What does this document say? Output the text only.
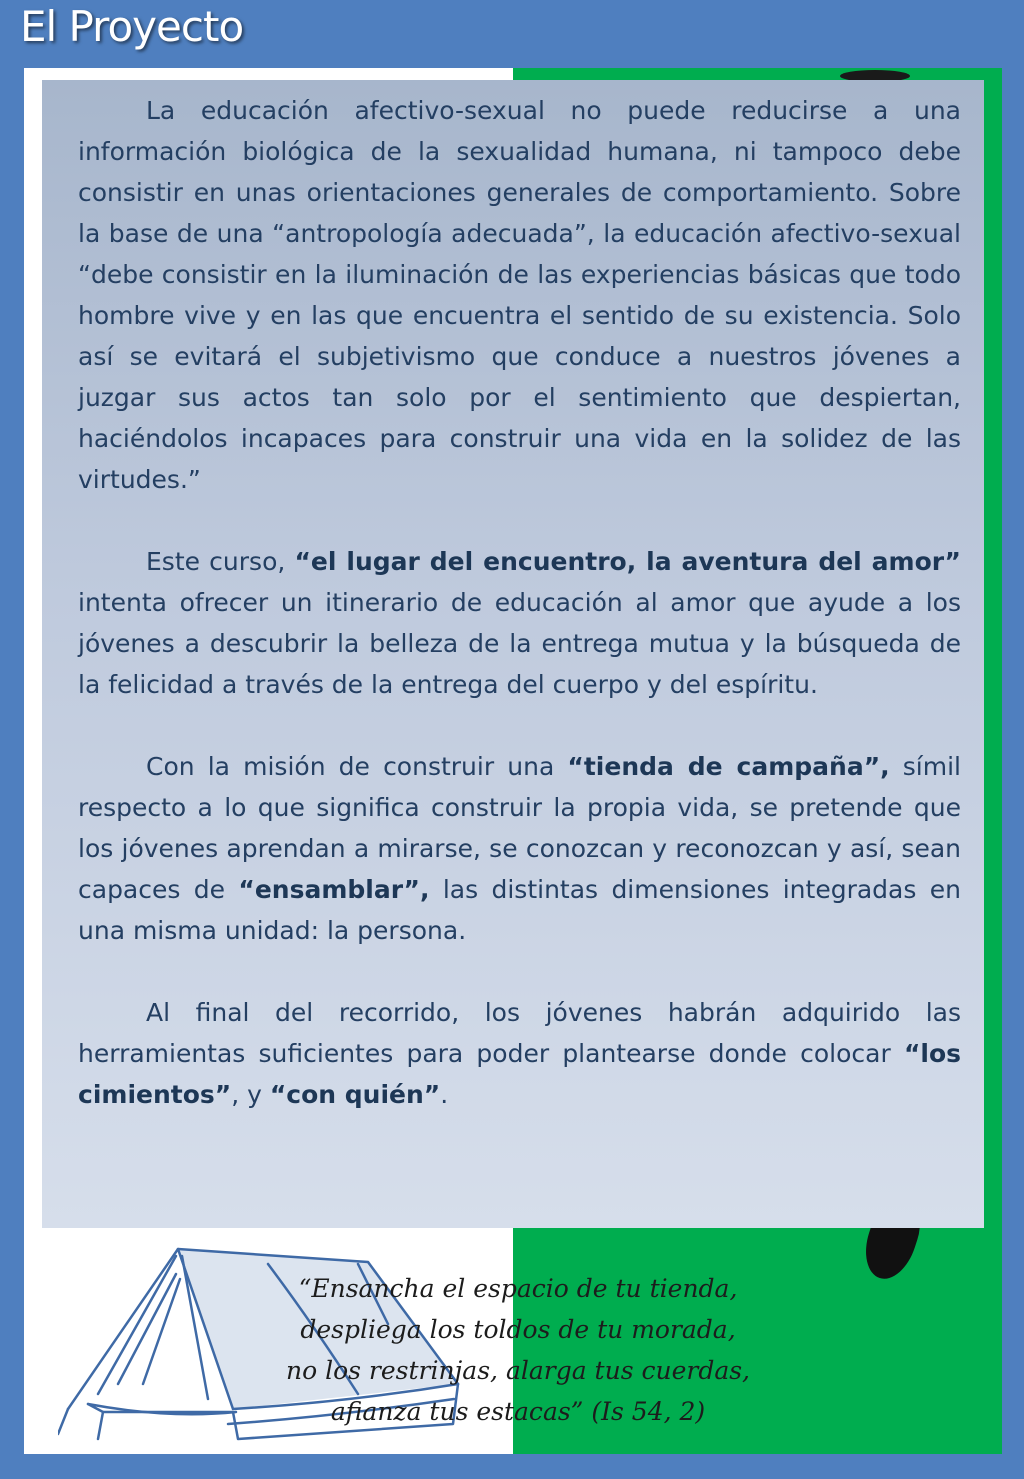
El Proyecto

La educación afectivo-sexual no puede reducirse a una información biológica de la sexualidad humana, ni tampoco debe consistir en unas orientaciones generales de comportamiento. Sobre la base de una “antropología adecuada”, la educación afectivo-sexual “debe consistir en la iluminación de las experiencias básicas que todo hombre vive y en las que encuentra el sentido de su existencia. Solo así se evitará el subjetivismo que conduce a nuestros jóvenes a juzgar sus actos tan solo por el sentimiento que despiertan, haciéndolos incapaces para construir una vida en la solidez de las virtudes.”

Este curso, “el lugar del encuentro, la aventura del amor” intenta ofrecer un itinerario de educación al amor que ayude a los jóvenes a descubrir la belleza de la entrega mutua y la búsqueda de la felicidad a través de la entrega del cuerpo y del espíritu.

Con la misión de construir una “tienda de campaña”, símil respecto a lo que significa construir la propia vida, se pretende que los jóvenes aprendan a mirarse, se conozcan y reconozcan y así, sean capaces de “ensamblar”, las distintas dimensiones integradas en una misma unidad: la persona.

Al final del recorrido, los jóvenes habrán adquirido las herramientas suficientes para poder plantearse donde colocar “los cimientos”, y “con quién”.

“Ensancha el espacio de tu tienda,
despliega los toldos de tu morada,
no los restrinjas, alarga tus cuerdas,
afianza tus estacas” (Is 54, 2)
